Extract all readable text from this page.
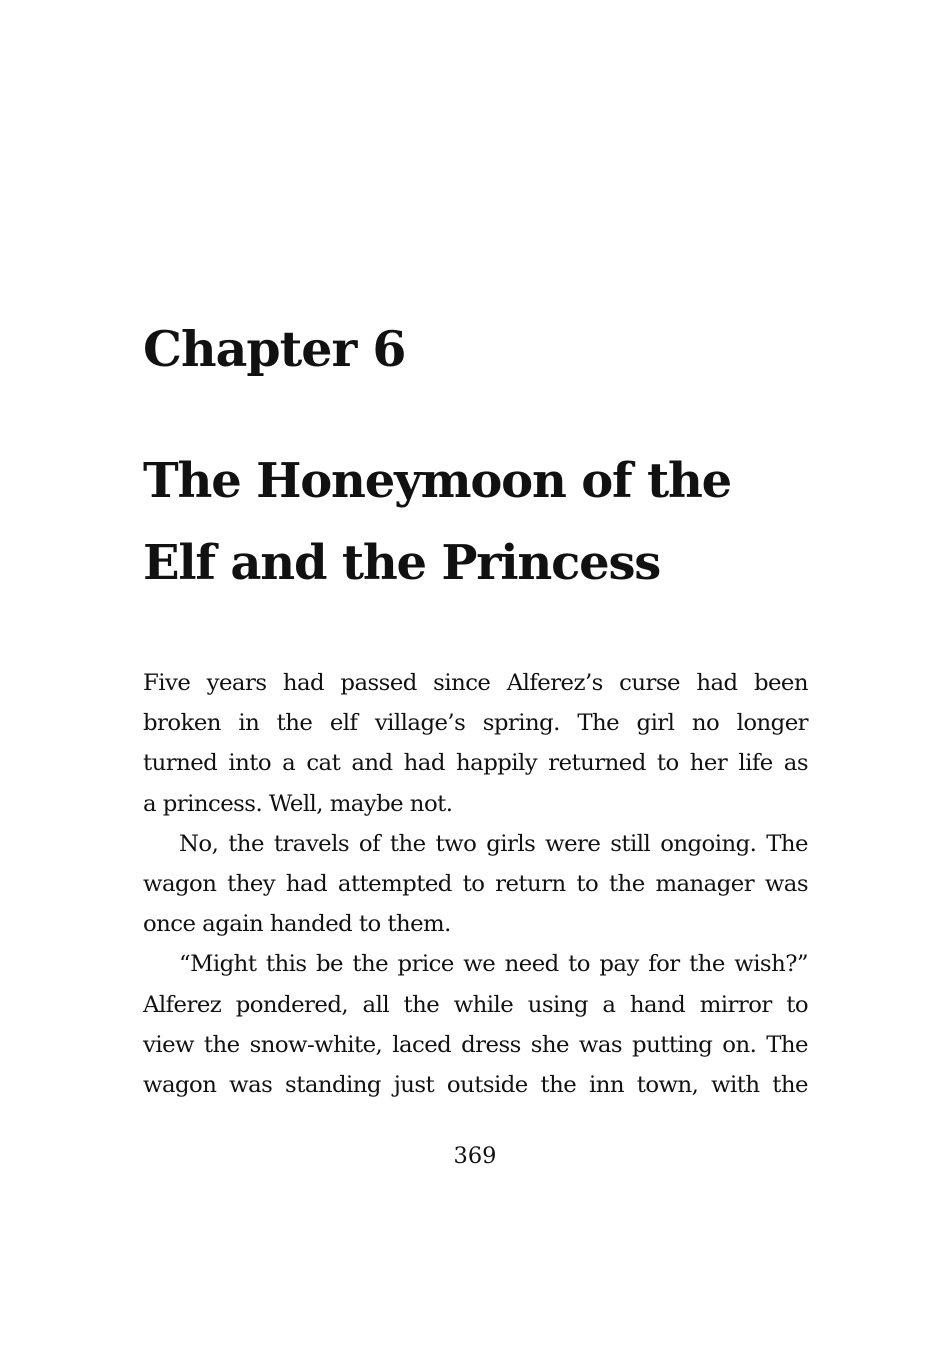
Chapter 6
The Honeymoon of the
Elf and the Princess
Five years had passed since Alferez’s curse had been
broken in the elf village’s spring. The girl no longer
turned into a cat and had happily returned to her life as
a princess. Well, maybe not.
No, the travels of the two girls were still ongoing. The
wagon they had attempted to return to the manager was
once again handed to them.
“Might this be the price we need to pay for the wish?”
Alferez pondered, all the while using a hand mirror to
view the snow-white, laced dress she was putting on. The
wagon was standing just outside the inn town, with the
369
